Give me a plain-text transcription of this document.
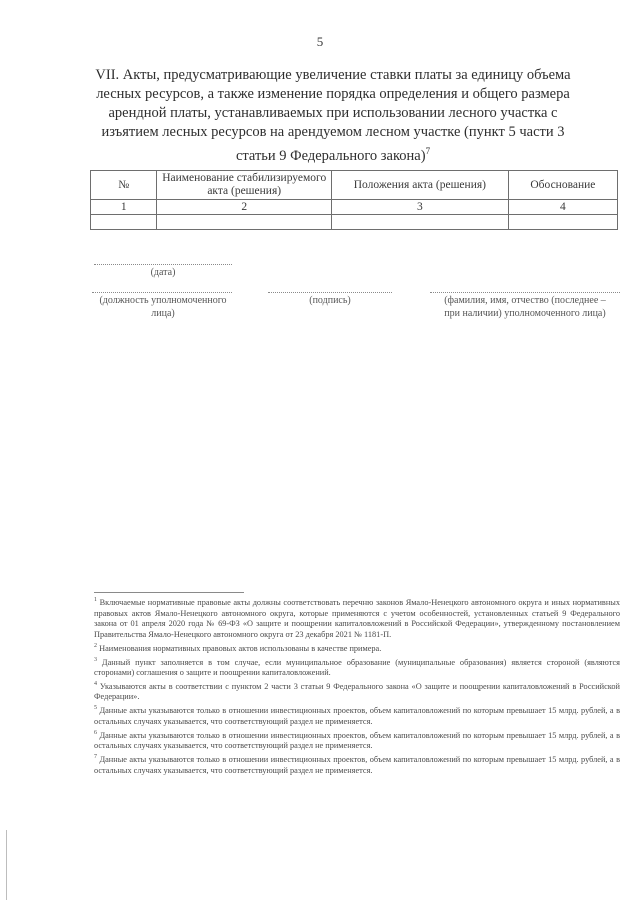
5
VII. Акты, предусматривающие увеличение ставки платы за единицу объема лесных ресурсов, а также изменение порядка определения и общего размера арендной платы, устанавливаемых при использовании лесного участка с изъятием лесных ресурсов на арендуемом лесном участке (пункт 5 части 3 статьи 9 Федерального закона)$^7$
№	Наименование стабилизируемого акта (решения)	Положения акта (решения)	Обоснование
1	2	3	4

(дата)
(должность уполномоченного лица)
(подпись)	(фамилия, имя, отчество (последнее – при наличии) уполномоченного лица)

$^1$ Включаемые нормативные правовые акты должны соответствовать перечню законов Ямало-Ненецкого автономного округа и иных нормативных правовых актов Ямало-Ненецкого автономного округа, которые применяются с учетом особенностей, установленных статьей 9 Федерального закона от 01 апреля 2020 года № 69-ФЗ «О защите и поощрении капиталовложений в Российской Федерации», утвержденному постановлением Правительства Ямало-Ненецкого автономного округа от 23 декабря 2021 № 1181-П.

$^2$ Наименования нормативных правовых актов использованы в качестве примера.

$^3$ Данный пункт заполняется в том случае, если муниципальное образование (муниципальные образования) является стороной (являются сторонами) соглашения о защите и поощрении капиталовложений.

$^4$ Указываются акты в соответствии с пунктом 2 части 3 статьи 9 Федерального закона «О защите и поощрении капиталовложений в Российской Федерации».

$^5$ Данные акты указываются только в отношении инвестиционных проектов, объем капиталовложений по которым превышает 15 млрд. рублей, а в остальных случаях указывается, что соответствующий раздел не применяется.

$^6$ Данные акты указываются только в отношении инвестиционных проектов, объем капиталовложений по которым превышает 15 млрд. рублей, а в остальных случаях указывается, что соответствующий раздел не применяется.

$^7$ Данные акты указываются только в отношении инвестиционных проектов, объем капиталовложений по которым превышает 15 млрд. рублей, а в остальных случаях указывается, что соответствующий раздел не применяется.
